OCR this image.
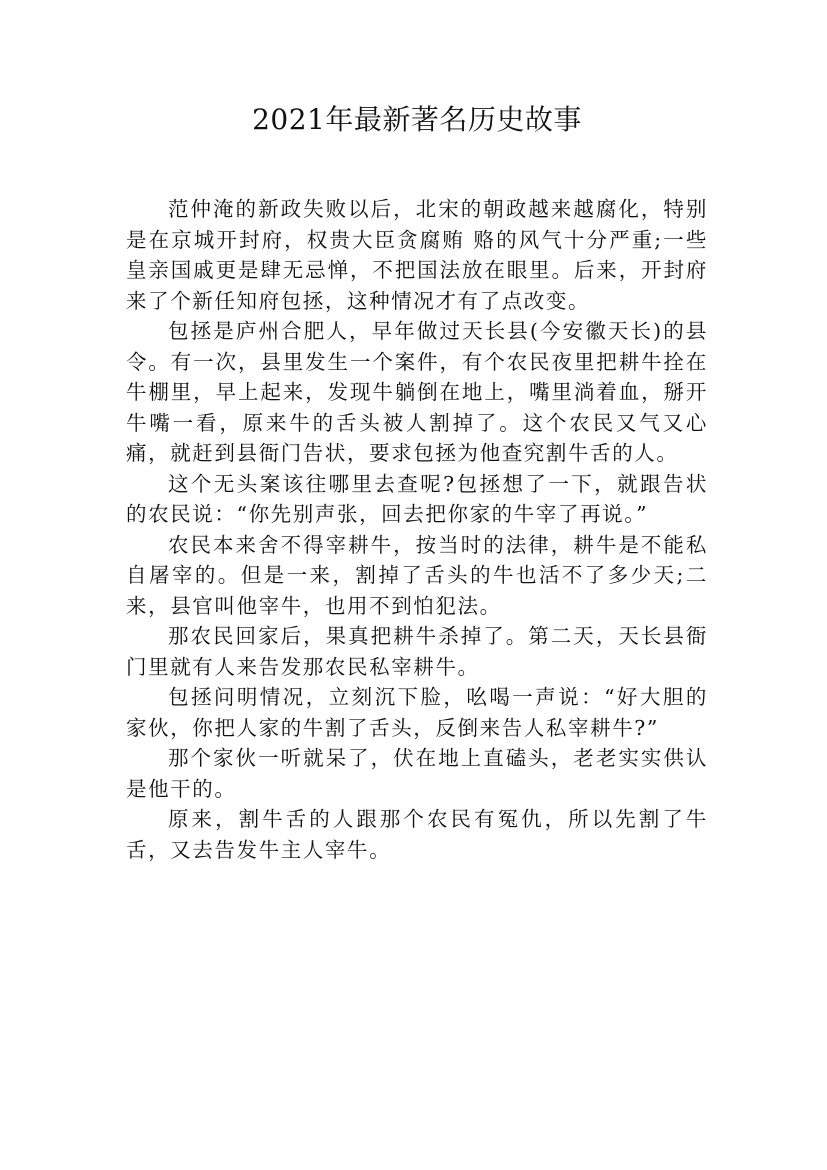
2021年最新著名历史故事

范仲淹的新政失败以后，北宋的朝政越来越腐化，特别是在京城开封府，权贵大臣贪腐贿 赂的风气十分严重;一些皇亲国戚更是肆无忌惮，不把国法放在眼里。后来，开封府来了个新任知府包拯，这种情况才有了点改变。

包拯是庐州合肥人，早年做过天长县(今安徽天长)的县令。有一次，县里发生一个案件，有个农民夜里把耕牛拴在牛棚里，早上起来，发现牛躺倒在地上，嘴里淌着血，掰开牛嘴一看，原来牛的舌头被人割掉了。这个农民又气又心痛，就赶到县衙门告状，要求包拯为他查究割牛舌的人。

这个无头案该往哪里去查呢?包拯想了一下，就跟告状的农民说：“你先别声张，回去把你家的牛宰了再说。”

农民本来舍不得宰耕牛，按当时的法律，耕牛是不能私自屠宰的。但是一来，割掉了舌头的牛也活不了多少天;二来，县官叫他宰牛，也用不到怕犯法。

那农民回家后，果真把耕牛杀掉了。第二天，天长县衙门里就有人来告发那农民私宰耕牛。

包拯问明情况，立刻沉下脸，吆喝一声说：“好大胆的家伙，你把人家的牛割了舌头，反倒来告人私宰耕牛?”

那个家伙一听就呆了，伏在地上直磕头，老老实实供认是他干的。

原来，割牛舌的人跟那个农民有冤仇，所以先割了牛舌，又去告发牛主人宰牛。
